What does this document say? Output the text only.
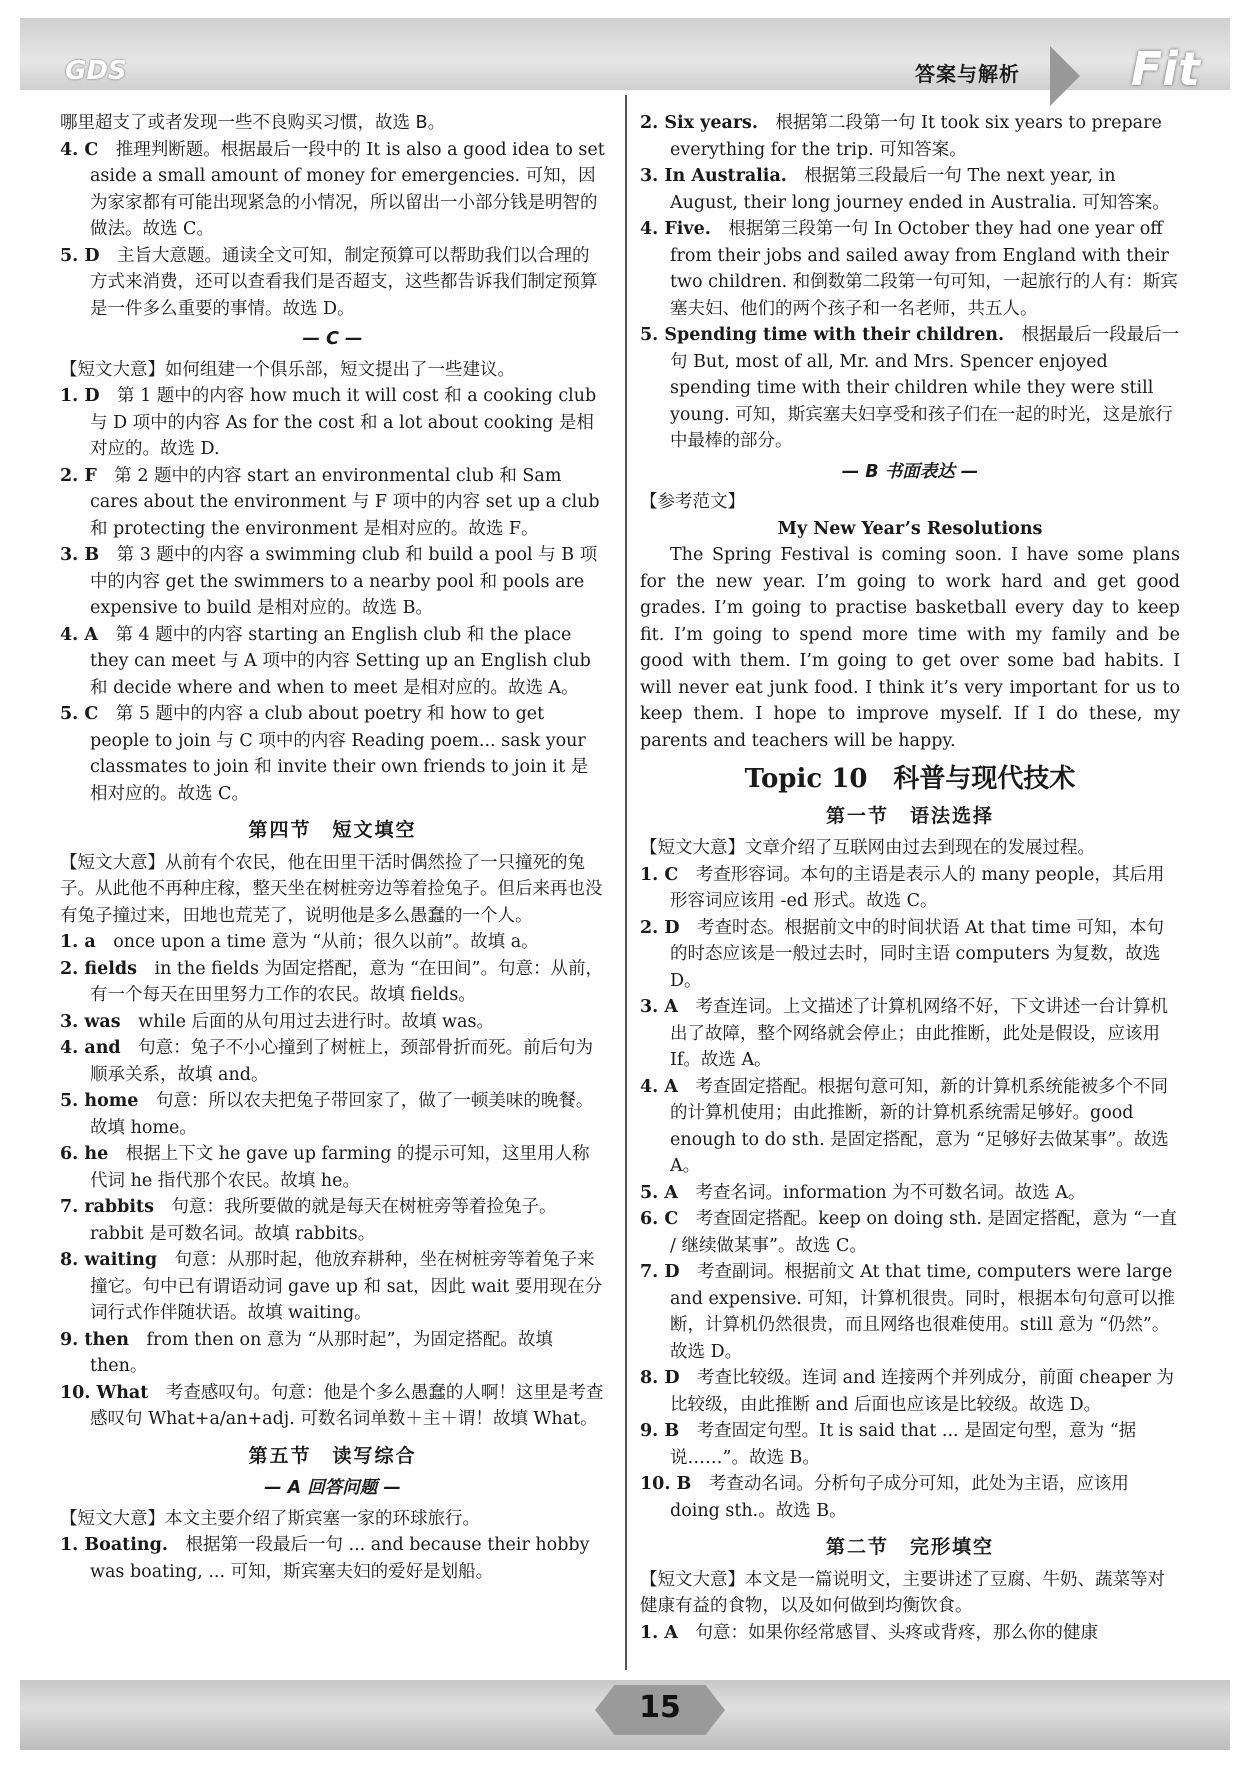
GDS	答案与解析 Fit

哪里超支了或者发现一些不良购买习惯，故选 B。

4. C　推理判断题。根据最后一段中的 It is also a good idea to set aside a small amount of money for emergencies. 可知，因为家家都有可能出现紧急的小情况，所以留出一小部分钱是明智的做法。故选 C。

5. D　主旨大意题。通读全文可知，制定预算可以帮助我们以合理的方式来消费，还可以查看我们是否超支，这些都告诉我们制定预算是一件多么重要的事情。故选 D。

— C —

【短文大意】如何组建一个俱乐部，短文提出了一些建议。

1. D　第 1 题中的内容 how much it will cost 和 a cooking club 与 D 项中的内容 As for the cost 和 a lot about cooking 是相对应的。故选 D.

2. F　第 2 题中的内容 start an environmental club 和 Sam cares about the environment 与 F 项中的内容 set up a club 和 protecting the environment 是相对应的。故选 F。

3. B　第 3 题中的内容 a swimming club 和 build a pool 与 B 项中的内容 get the swimmers to a nearby pool 和 pools are expensive to build 是相对应的。故选 B。

4. A　第 4 题中的内容 starting an English club 和 the place they can meet 与 A 项中的内容 Setting up an English club 和 decide where and when to meet 是相对应的。故选 A。

5. C　第 5 题中的内容 a club about poetry 和 how to get people to join 与 C 项中的内容 Reading poem... sask your classmates to join 和 invite their own friends to join it 是相对应的。故选 C。

第四节　短文填空

【短文大意】从前有个农民，他在田里干活时偶然捡了一只撞死的兔子。从此他不再种庄稼，整天坐在树桩旁边等着捡兔子。但后来再也没有兔子撞过来，田地也荒芜了，说明他是多么愚蠢的一个人。

1. a　once upon a time 意为 “从前；很久以前”。故填 a。

2. fields　in the fields 为固定搭配，意为 “在田间”。句意：从前，有一个每天在田里努力工作的农民。故填 fields。

3. was　while 后面的从句用过去进行时。故填 was。

4. and　句意：兔子不小心撞到了树桩上，颈部骨折而死。前后句为顺承关系，故填 and。

5. home　句意：所以农夫把兔子带回家了，做了一顿美味的晚餐。故填 home。

6. he　根据上下文 he gave up farming 的提示可知，这里用人称代词 he 指代那个农民。故填 he。

7. rabbits　句意：我所要做的就是每天在树桩旁等着捡兔子。rabbit 是可数名词。故填 rabbits。

8. waiting　句意：从那时起，他放弃耕种，坐在树桩旁等着兔子来撞它。句中已有谓语动词 gave up 和 sat，因此 wait 要用现在分词行式作伴随状语。故填 waiting。

9. then　from then on 意为 “从那时起”，为固定搭配。故填 then。

10. What　考查感叹句。句意：他是个多么愚蠢的人啊！这里是考查感叹句 What+a/an+adj. 可数名词单数＋主＋谓！故填 What。

第五节　读写综合

— A 回答问题 —

【短文大意】本文主要介绍了斯宾塞一家的环球旅行。

1. Boating.　根据第一段最后一句 ... and because their hobby was boating, ... 可知，斯宾塞夫妇的爱好是划船。

2. Six years.　根据第二段第一句 It took six years to prepare everything for the trip. 可知答案。

3. In Australia.　根据第三段最后一句 The next year, in August, their long journey ended in Australia. 可知答案。

4. Five.　根据第三段第一句 In October they had one year off from their jobs and sailed away from England with their two children. 和倒数第二段第一句可知，一起旅行的人有：斯宾塞夫妇、他们的两个孩子和一名老师，共五人。

5. Spending time with their children.　根据最后一段最后一句 But, most of all, Mr. and Mrs. Spencer enjoyed spending time with their children while they were still young. 可知，斯宾塞夫妇享受和孩子们在一起的时光，这是旅行中最棒的部分。

— B 书面表达 —

【参考范文】

My New Year’s Resolutions

The Spring Festival is coming soon. I have some plans for the new year. I’m going to work hard and get good grades. I’m going to practise basketball every day to keep fit. I’m going to spend more time with my family and be good with them. I’m going to get over some bad habits. I will never eat junk food. I think it’s very important for us to keep them. I hope to improve myself. If I do these, my parents and teachers will be happy.

Topic 10　科普与现代技术

第一节　语法选择

【短文大意】文章介绍了互联网由过去到现在的发展过程。

1. C　考查形容词。本句的主语是表示人的 many people，其后用形容词应该用 -ed 形式。故选 C。

2. D　考查时态。根据前文中的时间状语 At that time 可知，本句的时态应该是一般过去时，同时主语 computers 为复数，故选 D。

3. A　考查连词。上文描述了计算机网络不好，下文讲述一台计算机出了故障，整个网络就会停止；由此推断，此处是假设，应该用 If。故选 A。

4. A　考查固定搭配。根据句意可知，新的计算机系统能被多个不同的计算机使用；由此推断，新的计算机系统需足够好。good enough to do sth. 是固定搭配，意为 “足够好去做某事”。故选 A。

5. A　考查名词。information 为不可数名词。故选 A。

6. C　考查固定搭配。keep on doing sth. 是固定搭配，意为 “一直 / 继续做某事”。故选 C。

7. D　考查副词。根据前文 At that time, computers were large and expensive. 可知，计算机很贵。同时，根据本句句意可以推断，计算机仍然很贵，而且网络也很难使用。still 意为 “仍然”。故选 D。

8. D　考查比较级。连词 and 连接两个并列成分，前面 cheaper 为比较级，由此推断 and 后面也应该是比较级。故选 D。

9. B　考查固定句型。It is said that ... 是固定句型，意为 “据说……”。故选 B。

10. B　考查动名词。分析句子成分可知，此处为主语，应该用 doing sth.。故选 B。

第二节　完形填空

【短文大意】本文是一篇说明文，主要讲述了豆腐、牛奶、蔬菜等对健康有益的食物，以及如何做到均衡饮食。

1. A　句意：如果你经常感冒、头疼或背疼，那么你的健康

15
